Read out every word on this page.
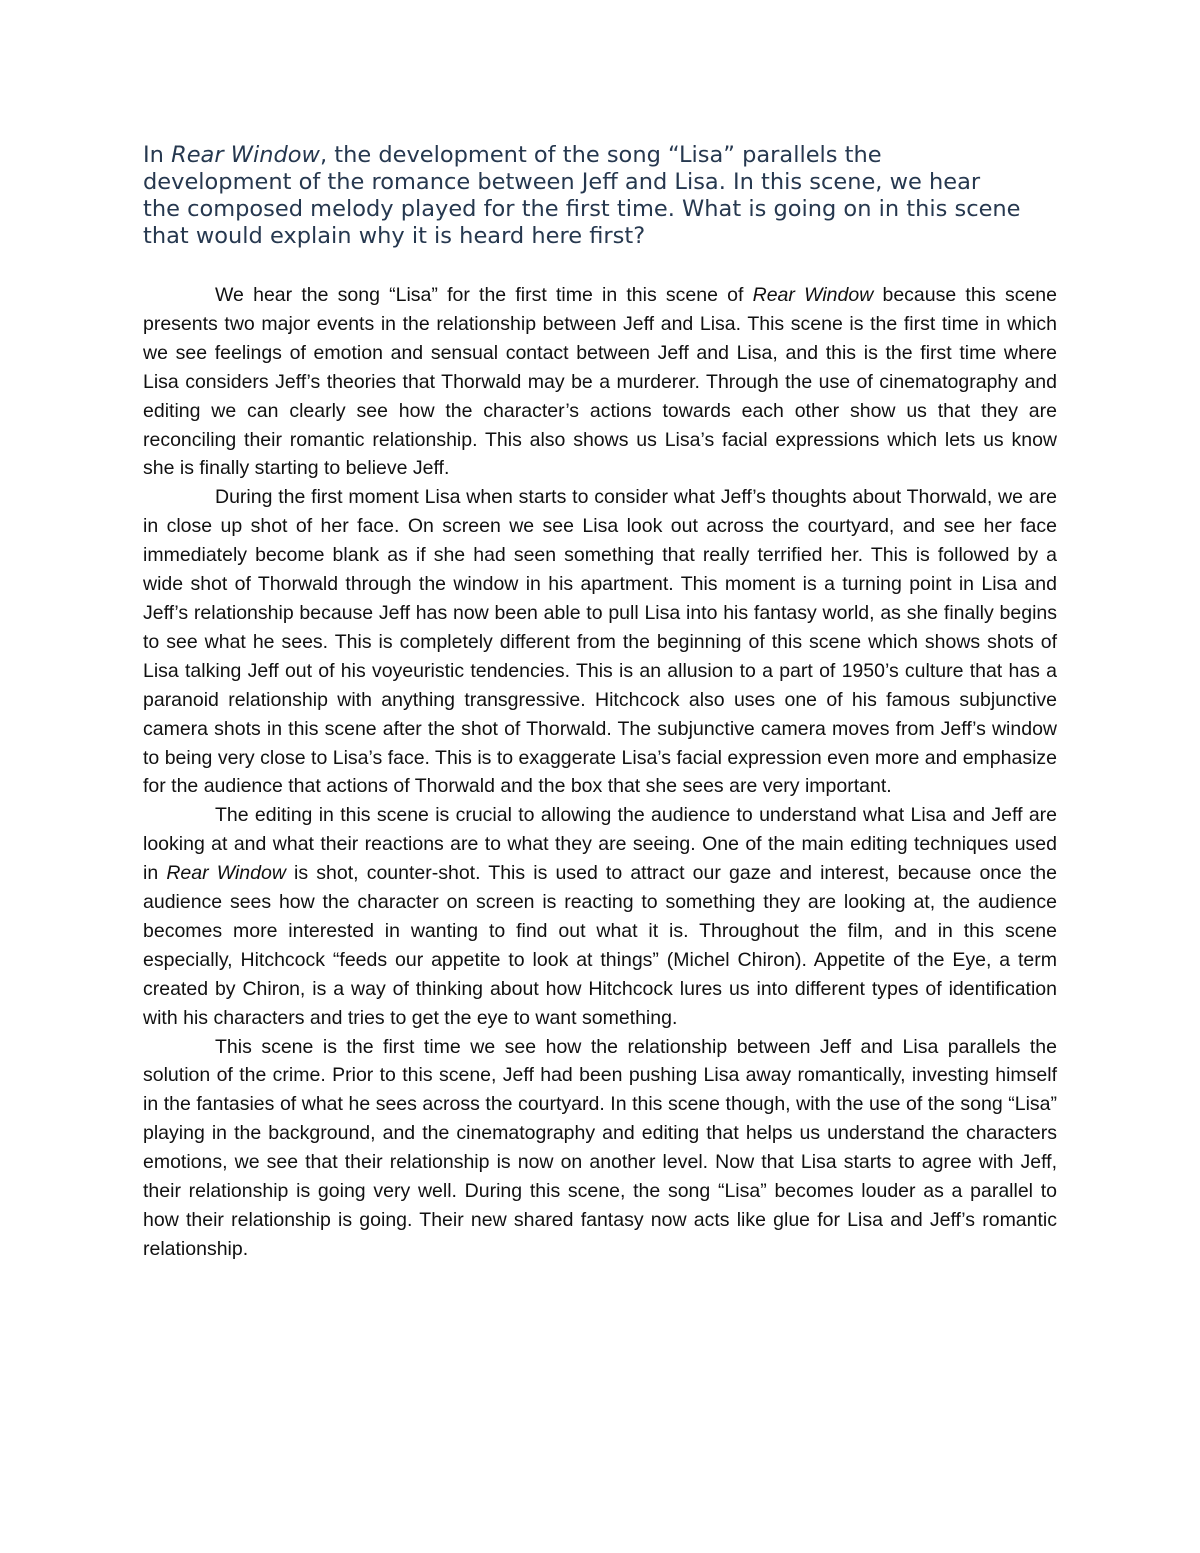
In Rear Window, the development of the song “Lisa” parallels the development of the romance between Jeff and Lisa. In this scene, we hear the composed melody played for the first time. What is going on in this scene that would explain why it is heard here first?

We hear the song “Lisa” for the first time in this scene of Rear Window because this scene presents two major events in the relationship between Jeff and Lisa. This scene is the first time in which we see feelings of emotion and sensual contact between Jeff and Lisa, and this is the first time where Lisa considers Jeff’s theories that Thorwald may be a murderer. Through the use of cinematography and editing we can clearly see how the character’s actions towards each other show us that they are reconciling their romantic relationship. This also shows us Lisa’s facial expressions which lets us know she is finally starting to believe Jeff.

During the first moment Lisa when starts to consider what Jeff’s thoughts about Thorwald, we are in close up shot of her face. On screen we see Lisa look out across the courtyard, and see her face immediately become blank as if she had seen something that really terrified her. This is followed by a wide shot of Thorwald through the window in his apartment. This moment is a turning point in Lisa and Jeff’s relationship because Jeff has now been able to pull Lisa into his fantasy world, as she finally begins to see what he sees. This is completely different from the beginning of this scene which shows shots of Lisa talking Jeff out of his voyeuristic tendencies. This is an allusion to a part of 1950’s culture that has a paranoid relationship with anything transgressive. Hitchcock also uses one of his famous subjunctive camera shots in this scene after the shot of Thorwald. The subjunctive camera moves from Jeff’s window to being very close to Lisa’s face. This is to exaggerate Lisa’s facial expression even more and emphasize for the audience that actions of Thorwald and the box that she sees are very important.

The editing in this scene is crucial to allowing the audience to understand what Lisa and Jeff are looking at and what their reactions are to what they are seeing. One of the main editing techniques used in Rear Window is shot, counter-shot. This is used to attract our gaze and interest, because once the audience sees how the character on screen is reacting to something they are looking at, the audience becomes more interested in wanting to find out what it is. Throughout the film, and in this scene especially, Hitchcock “feeds our appetite to look at things” (Michel Chiron). Appetite of the Eye, a term created by Chiron, is a way of thinking about how Hitchcock lures us into different types of identification with his characters and tries to get the eye to want something.

This scene is the first time we see how the relationship between Jeff and Lisa parallels the solution of the crime. Prior to this scene, Jeff had been pushing Lisa away romantically, investing himself in the fantasies of what he sees across the courtyard. In this scene though, with the use of the song “Lisa” playing in the background, and the cinematography and editing that helps us understand the characters emotions, we see that their relationship is now on another level. Now that Lisa starts to agree with Jeff, their relationship is going very well. During this scene, the song “Lisa” becomes louder as a parallel to how their relationship is going. Their new shared fantasy now acts like glue for Lisa and Jeff’s romantic relationship.
